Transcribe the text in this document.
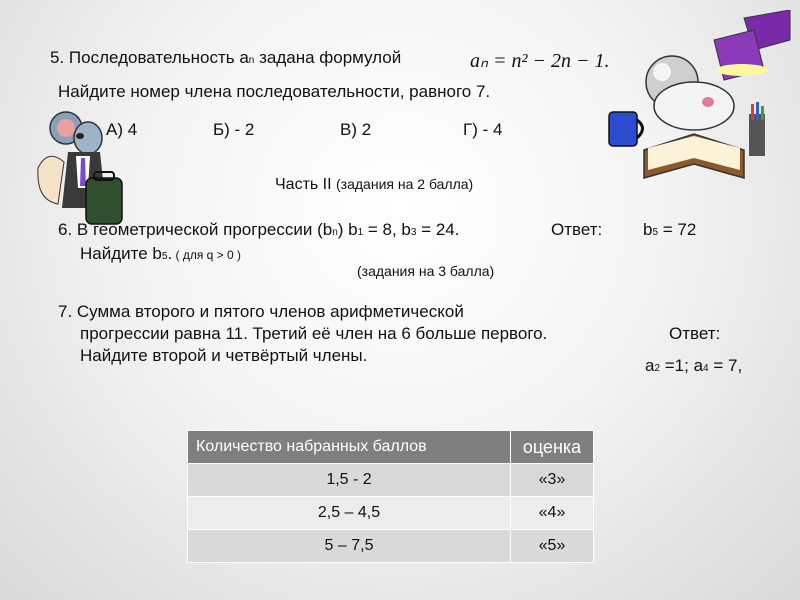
5. Последовательность аn задана формулой	aₙ = n² − 2n − 1.
Найдите номер члена последовательности, равного 7.
А) 4	Б) - 2	В) 2	Г) - 4
Часть II (задания на 2 балла)
6. В геометрической прогрессии (bn) b1 = 8, b3 = 24.	Ответ: b5 = 72
Найдите b5. ( для q > 0 )
(задания на 3 балла)
7. Сумма второго и пятого членов арифметической
прогрессии равна 11. Третий её член на 6 больше первого.
Найдите второй и четвёртый члены.
Ответ:
а2 =1; а4 = 7,
Количество набранных баллов	оценка
1,5 - 2	«3»
2,5 – 4,5	«4»
5 – 7,5	«5»
